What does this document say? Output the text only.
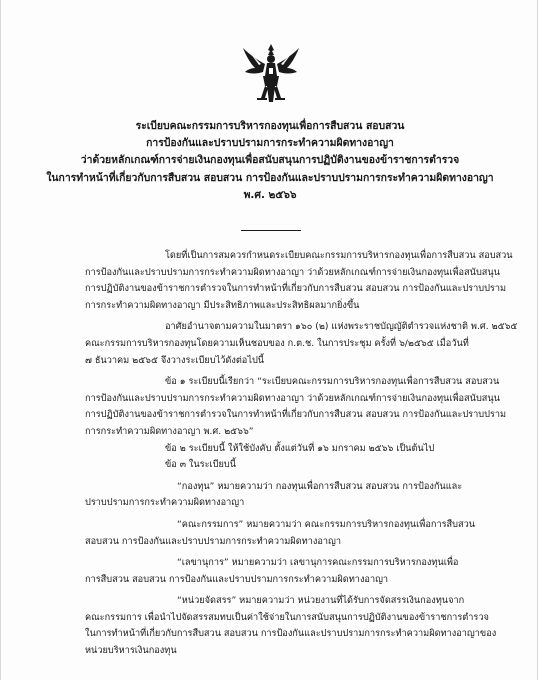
ระเบียบคณะกรรมการบริหารกองทุนเพื่อการสืบสวน สอบสวน
การป้องกันและปราบปรามการกระทำความผิดทางอาญา
ว่าด้วยหลักเกณฑ์การจ่ายเงินกองทุนเพื่อสนับสนุนการปฏิบัติงานของข้าราชการตำรวจ
ในการทำหน้าที่เกี่ยวกับการสืบสวน สอบสวน การป้องกันและปราบปรามการกระทำความผิดทางอาญา
พ.ศ. ๒๕๖๖
โดยที่เป็นการสมควรกำหนดระเบียบคณะกรรมการบริหารกองทุนเพื่อการสืบสวน สอบสวน
การป้องกันและปราบปรามการกระทำความผิดทางอาญา ว่าด้วยหลักเกณฑ์การจ่ายเงินกองทุนเพื่อสนับสนุน
การปฏิบัติงานของข้าราชการตำรวจในการทำหน้าที่เกี่ยวกับการสืบสวน สอบสวน การป้องกันและปราบปราม
การกระทำความผิดทางอาญา มีประสิทธิภาพและประสิทธิผลมากยิ่งขึ้น
อาศัยอำนาจตามความในมาตรา ๑๖๐ (๒) แห่งพระราชบัญญัติตำรวจแห่งชาติ พ.ศ. ๒๕๖๕
คณะกรรมการบริหารกองทุนโดยความเห็นชอบของ ก.ต.ช. ในการประชุม ครั้งที่ ๖/๒๕๖๕ เมื่อวันที่
๗ ธันวาคม ๒๕๖๕ จึงวางระเบียบไว้ดังต่อไปนี้
ข้อ ๑ ระเบียบนี้เรียกว่า “ระเบียบคณะกรรมการบริหารกองทุนเพื่อการสืบสวน สอบสวน
การป้องกันและปราบปรามการกระทำความผิดทางอาญา ว่าด้วยหลักเกณฑ์การจ่ายเงินกองทุนเพื่อสนับสนุน
การปฏิบัติงานของข้าราชการตำรวจในการทำหน้าที่เกี่ยวกับการสืบสวน สอบสวน การป้องกันและปราบปราม
การกระทำความผิดทางอาญา พ.ศ. ๒๕๖๖”
ข้อ ๒ ระเบียบนี้ ให้ใช้บังคับ ตั้งแต่วันที่ ๑๖ มกราคม ๒๕๖๖ เป็นต้นไป
ข้อ ๓ ในระเบียบนี้
“กองทุน” หมายความว่า กองทุนเพื่อการสืบสวน สอบสวน การป้องกันและ
ปราบปรามการกระทำความผิดทางอาญา
“คณะกรรมการ” หมายความว่า คณะกรรมการบริหารกองทุนเพื่อการสืบสวน
สอบสวน การป้องกันและปราบปรามการกระทำความผิดทางอาญา
“เลขานุการ” หมายความว่า เลขานุการคณะกรรมการบริหารกองทุนเพื่อ
การสืบสวน สอบสวน การป้องกันและปราบปรามการกระทำความผิดทางอาญา
“หน่วยจัดสรร” หมายความว่า หน่วยงานที่ได้รับการจัดสรรเงินกองทุนจาก
คณะกรรมการ เพื่อนำไปจัดสรรสมทบเป็นค่าใช้จ่ายในการสนับสนุนการปฏิบัติงานของข้าราชการตำรวจ
ในการทำหน้าที่เกี่ยวกับการสืบสวน สอบสวน การป้องกันและปราบปรามการกระทำความผิดทางอาญาของ
หน่วยบริหารเงินกองทุน
